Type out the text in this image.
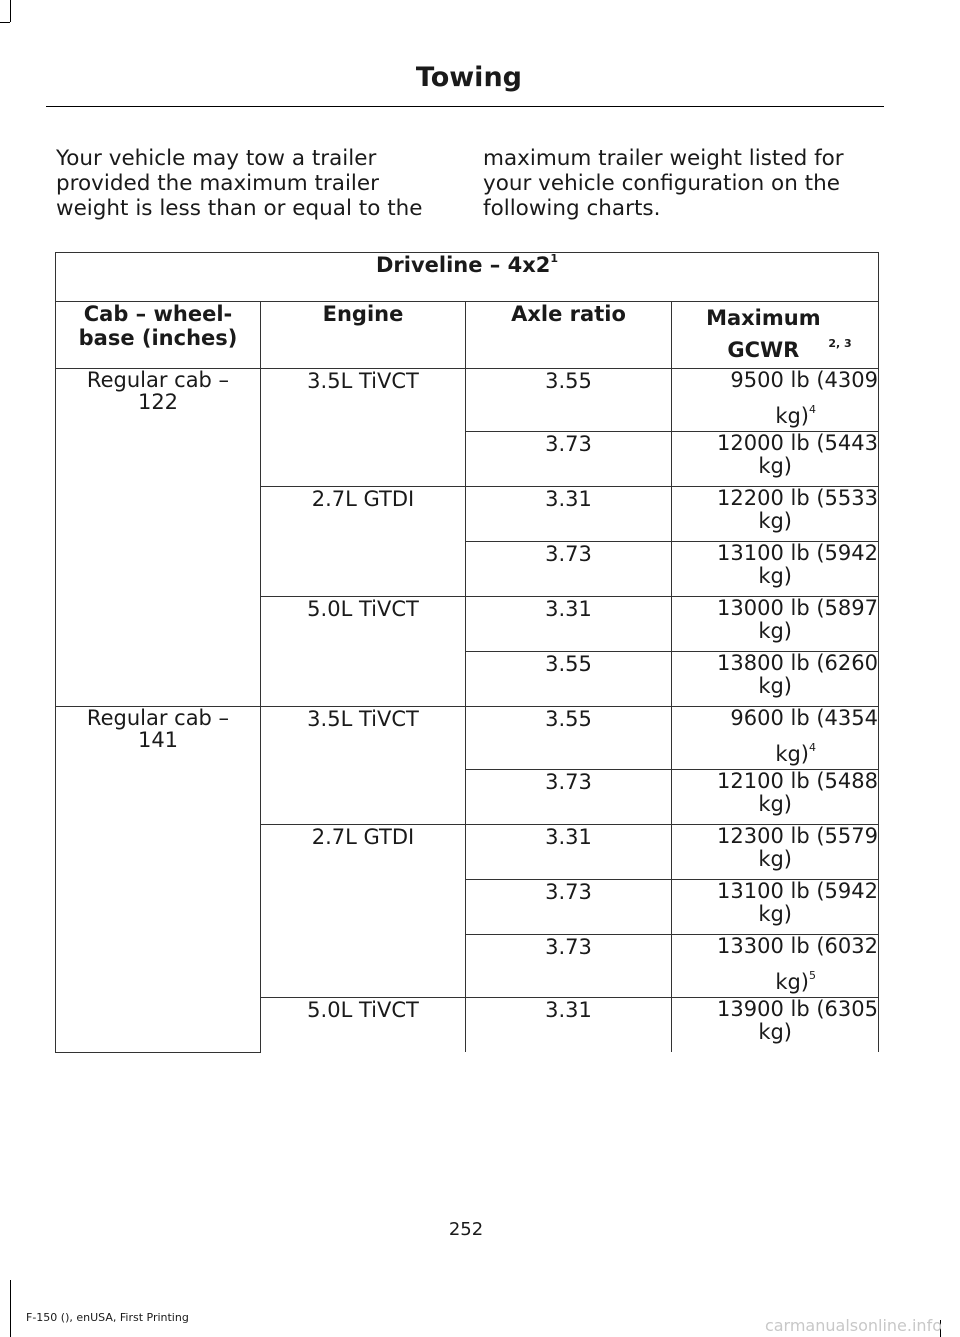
Towing

Your vehicle may tow a trailer provided the maximum trailer weight is less than or equal to the

maximum trailer weight listed for your vehicle configuration on the following charts.

Driveline – $4x2^1$
Cab – wheel-base (inches)	Engine	Axle ratio	Maximum GCWR $^{2, 3}$
Regular cab – 122	3.5L TiVCT	3.55	9500 lb (4309
kg)$^4$

		3.73	12000 lb (5443
kg)

	2.7L GTDI	3.31	12200 lb (5533
kg)

		3.73	13100 lb (5942
kg)

	5.0L TiVCT	3.31	13000 lb (5897
kg)

		3.55	13800 lb (6260
kg)

Regular cab – 141	3.5L TiVCT	3.55	9600 lb (4354
kg)$^4$

		3.73	12100 lb (5488
kg)

	2.7L GTDI	3.31	12300 lb (5579
kg)

		3.73	13100 lb (5942
kg)

		3.73	13300 lb (6032
kg)$^5$

	5.0L TiVCT	3.31	13900 lb (6305
kg)
252
F-150 (), enUSA, First Printing	carmanualsonline.info
